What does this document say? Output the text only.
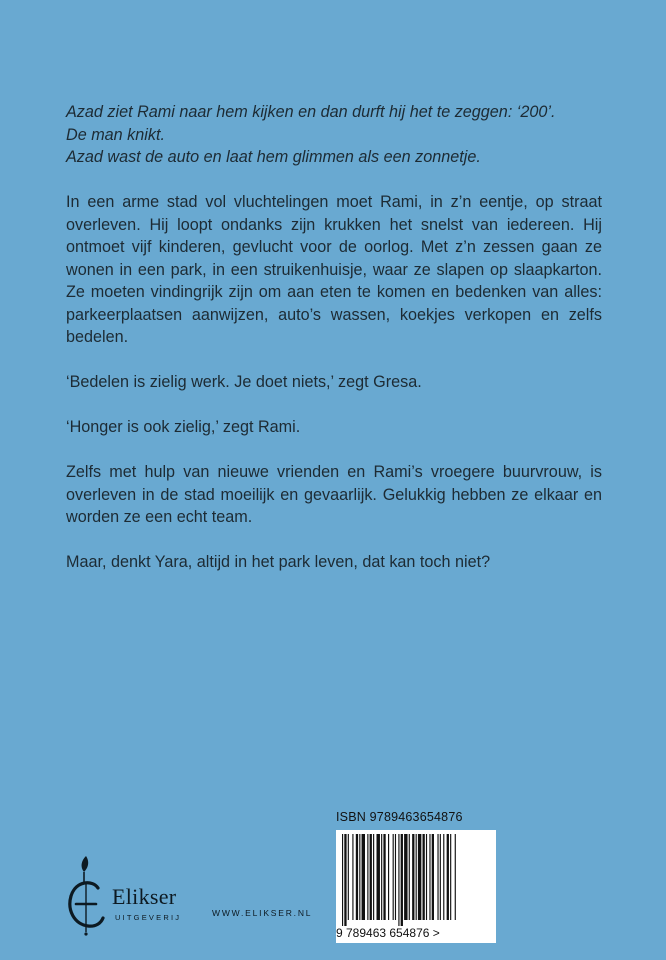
Azad ziet Rami naar hem kijken en dan durft hij het te zeggen: ‘200’.
De man knikt.
Azad wast de auto en laat hem glimmen als een zonnetje.

In een arme stad vol vluchtelingen moet Rami, in z’n eentje, op straat overleven. Hij loopt ondanks zijn krukken het snelst van iedereen. Hij ontmoet vijf kinderen, gevlucht voor de oorlog. Met z’n zessen gaan ze wonen in een park, in een struikenhuisje, waar ze slapen op slaapkarton. Ze moeten vindingrijk zijn om aan eten te komen en bedenken van alles: parkeerplaatsen aanwijzen, auto’s wassen, koekjes verkopen en zelfs bedelen.

‘Bedelen is zielig werk. Je doet niets,’ zegt Gresa.

‘Honger is ook zielig,’ zegt Rami.

Zelfs met hulp van nieuwe vrienden en Rami’s vroegere buurvrouw, is overleven in de stad moeilijk en gevaarlijk. Gelukkig hebben ze elkaar en worden ze een echt team.

Maar, denkt Yara, altijd in het park leven, dat kan toch niet?

Elikser
UITGEVERIJ	WWW.ELIKSER.NL
ISBN 9789463654876
9 789463 654876 >
